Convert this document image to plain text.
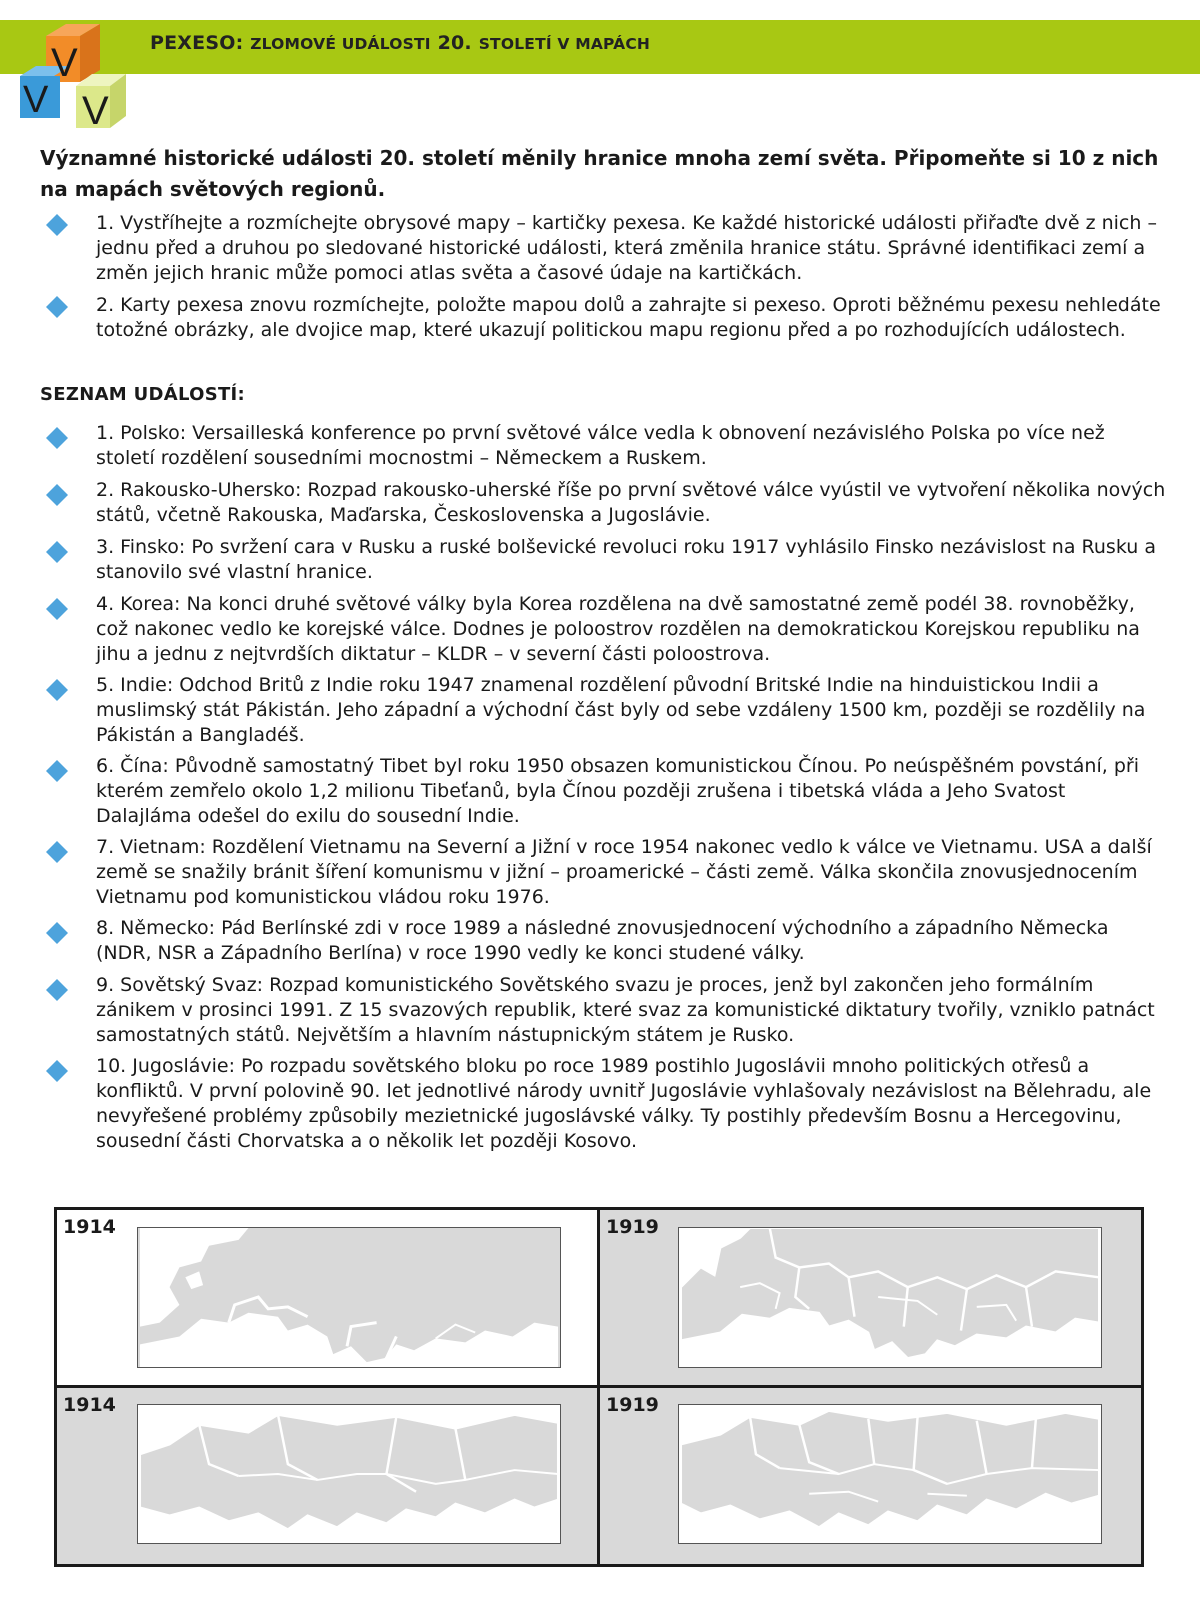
PEXESO: ZLOMOVÉ UDÁLOSTI 20. STOLETÍ V MAPÁCH
V
V V
Významné historické události 20. století měnily hranice mnoha zemí světa. Připomeňte si 10 z nich na mapách světových regionů.
1. Vystříhejte a rozmíchejte obrysové mapy – kartičky pexesa. Ke každé historické události přiřaďte dvě z nich – jednu před a druhou po sledované historické události, která změnila hranice státu. Správné identifikaci zemí a změn jejich hranic může pomoci atlas světa a časové údaje na kartičkách.
2. Karty pexesa znovu rozmíchejte, položte mapou dolů a zahrajte si pexeso. Oproti běžnému pexesu nehledáte totožné obrázky, ale dvojice map, které ukazují politickou mapu regionu před a po rozhodujících událostech.
SEZNAM UDÁLOSTÍ:
1. Polsko: Versailleská konference po první světové válce vedla k obnovení nezávislého Polska po více než století rozdělení sousedními mocnostmi – Německem a Ruskem.
2. Rakousko-Uhersko: Rozpad rakousko-uherské říše po první světové válce vyústil ve vytvoření několika nových států, včetně Rakouska, Maďarska, Československa a Jugoslávie.
3. Finsko: Po svržení cara v Rusku a ruské bolševické revoluci roku 1917 vyhlásilo Finsko nezávislost na Rusku a stanovilo své vlastní hranice.
4. Korea: Na konci druhé světové války byla Korea rozdělena na dvě samostatné země podél 38. rovnoběžky, což nakonec vedlo ke korejské válce. Dodnes je poloostrov rozdělen na demokratickou Korejskou republiku na jihu a jednu z nejtvrdších diktatur – KLDR – v severní části poloostrova.
5. Indie: Odchod Britů z Indie roku 1947 znamenal rozdělení původní Britské Indie na hinduistickou Indii a muslimský stát Pákistán. Jeho západní a východní část byly od sebe vzdáleny 1500 km, později se rozdělily na Pákistán a Bangladéš.
6. Čína: Původně samostatný Tibet byl roku 1950 obsazen komunistickou Čínou. Po neúspěšném povstání, při kterém zemřelo okolo 1,2 milionu Tibeťanů, byla Čínou později zrušena i tibetská vláda a Jeho Svatost Dalajláma odešel do exilu do sousední Indie.
7. Vietnam: Rozdělení Vietnamu na Severní a Jižní v roce 1954 nakonec vedlo k válce ve Vietnamu. USA a další země se snažily bránit šíření komunismu v jižní – proamerické – části země. Válka skončila znovusjednocením Vietnamu pod komunistickou vládou roku 1976.
8. Německo: Pád Berlínské zdi v roce 1989 a následné znovusjednocení východního a západního Německa (NDR, NSR a Západního Berlína) v roce 1990 vedly ke konci studené války.
9. Sovětský Svaz: Rozpad komunistického Sovětského svazu je proces, jenž byl zakončen jeho formálním zánikem v prosinci 1991. Z 15 svazových republik, které svaz za komunistické diktatury tvořily, vzniklo patnáct samostatných států. Největším a hlavním nástupnickým státem je Rusko.
10. Jugoslávie: Po rozpadu sovětského bloku po roce 1989 postihlo Jugoslávii mnoho politických otřesů a konfliktů. V první polovině 90. let jednotlivé národy uvnitř Jugoslávie vyhlašovaly nezávislost na Bělehradu, ale nevyřešené problémy způsobily mezietnické jugoslávské války. Ty postihly především Bosnu a Hercegovinu, sousední části Chorvatska a o několik let později Kosovo.
1914	1919
1914	1919
